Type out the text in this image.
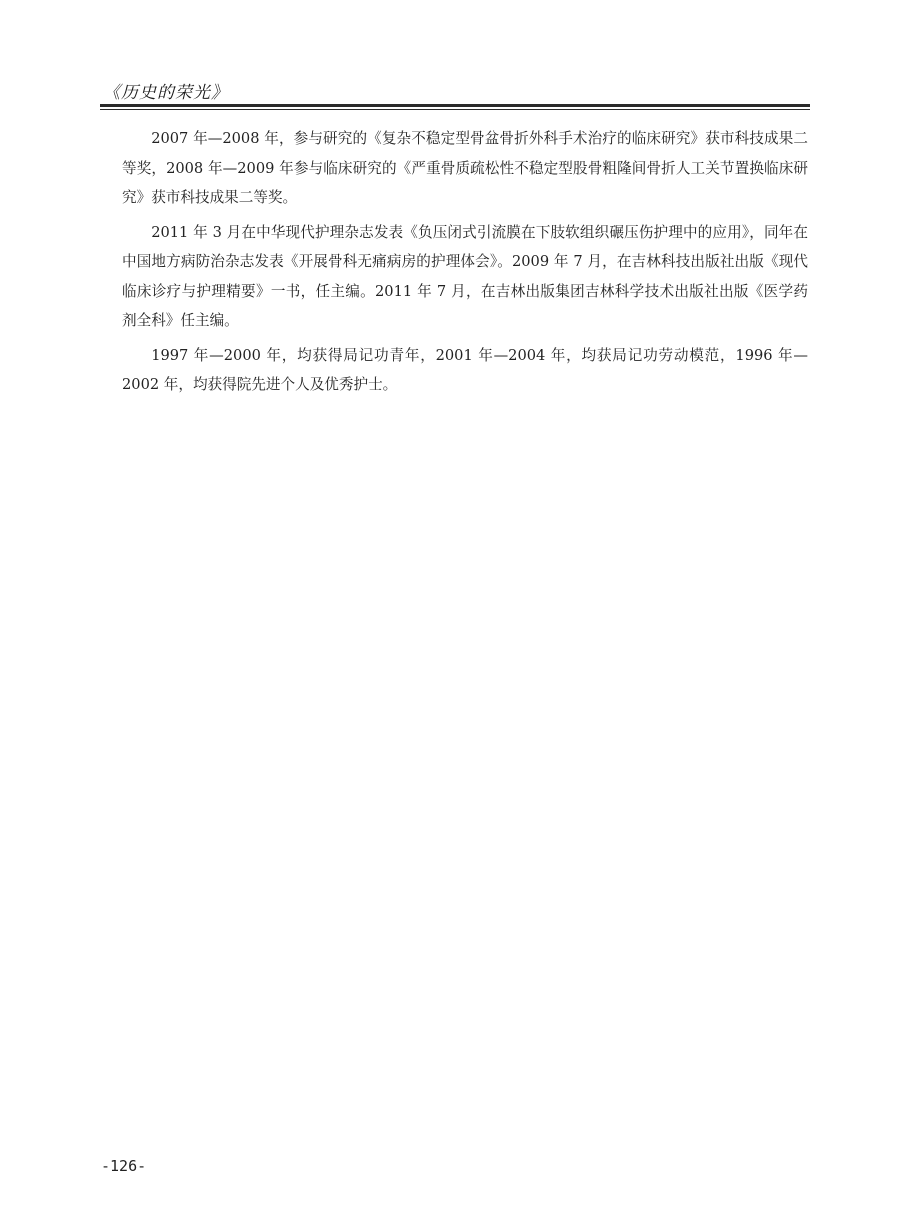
《历史的荣光》

2007 年—2008 年，参与研究的《复杂不稳定型骨盆骨折外科手术治疗的临床研究》获市科技成果二等奖，2008 年—2009 年参与临床研究的《严重骨质疏松性不稳定型股骨粗隆间骨折人工关节置换临床研究》获市科技成果二等奖。

2011 年 3 月在中华现代护理杂志发表《负压闭式引流膜在下肢软组织碾压伤护理中的应用》，同年在中国地方病防治杂志发表《开展骨科无痛病房的护理体会》。2009 年 7 月，在吉林科技出版社出版《现代临床诊疗与护理精要》一书，任主编。2011 年 7 月，在吉林出版集团吉林科学技术出版社出版《医学药剂全科》任主编。

1997 年—2000 年，均获得局记功青年，2001 年—2004 年，均获局记功劳动模范，1996 年—2002 年，均获得院先进个人及优秀护士。

-126-
